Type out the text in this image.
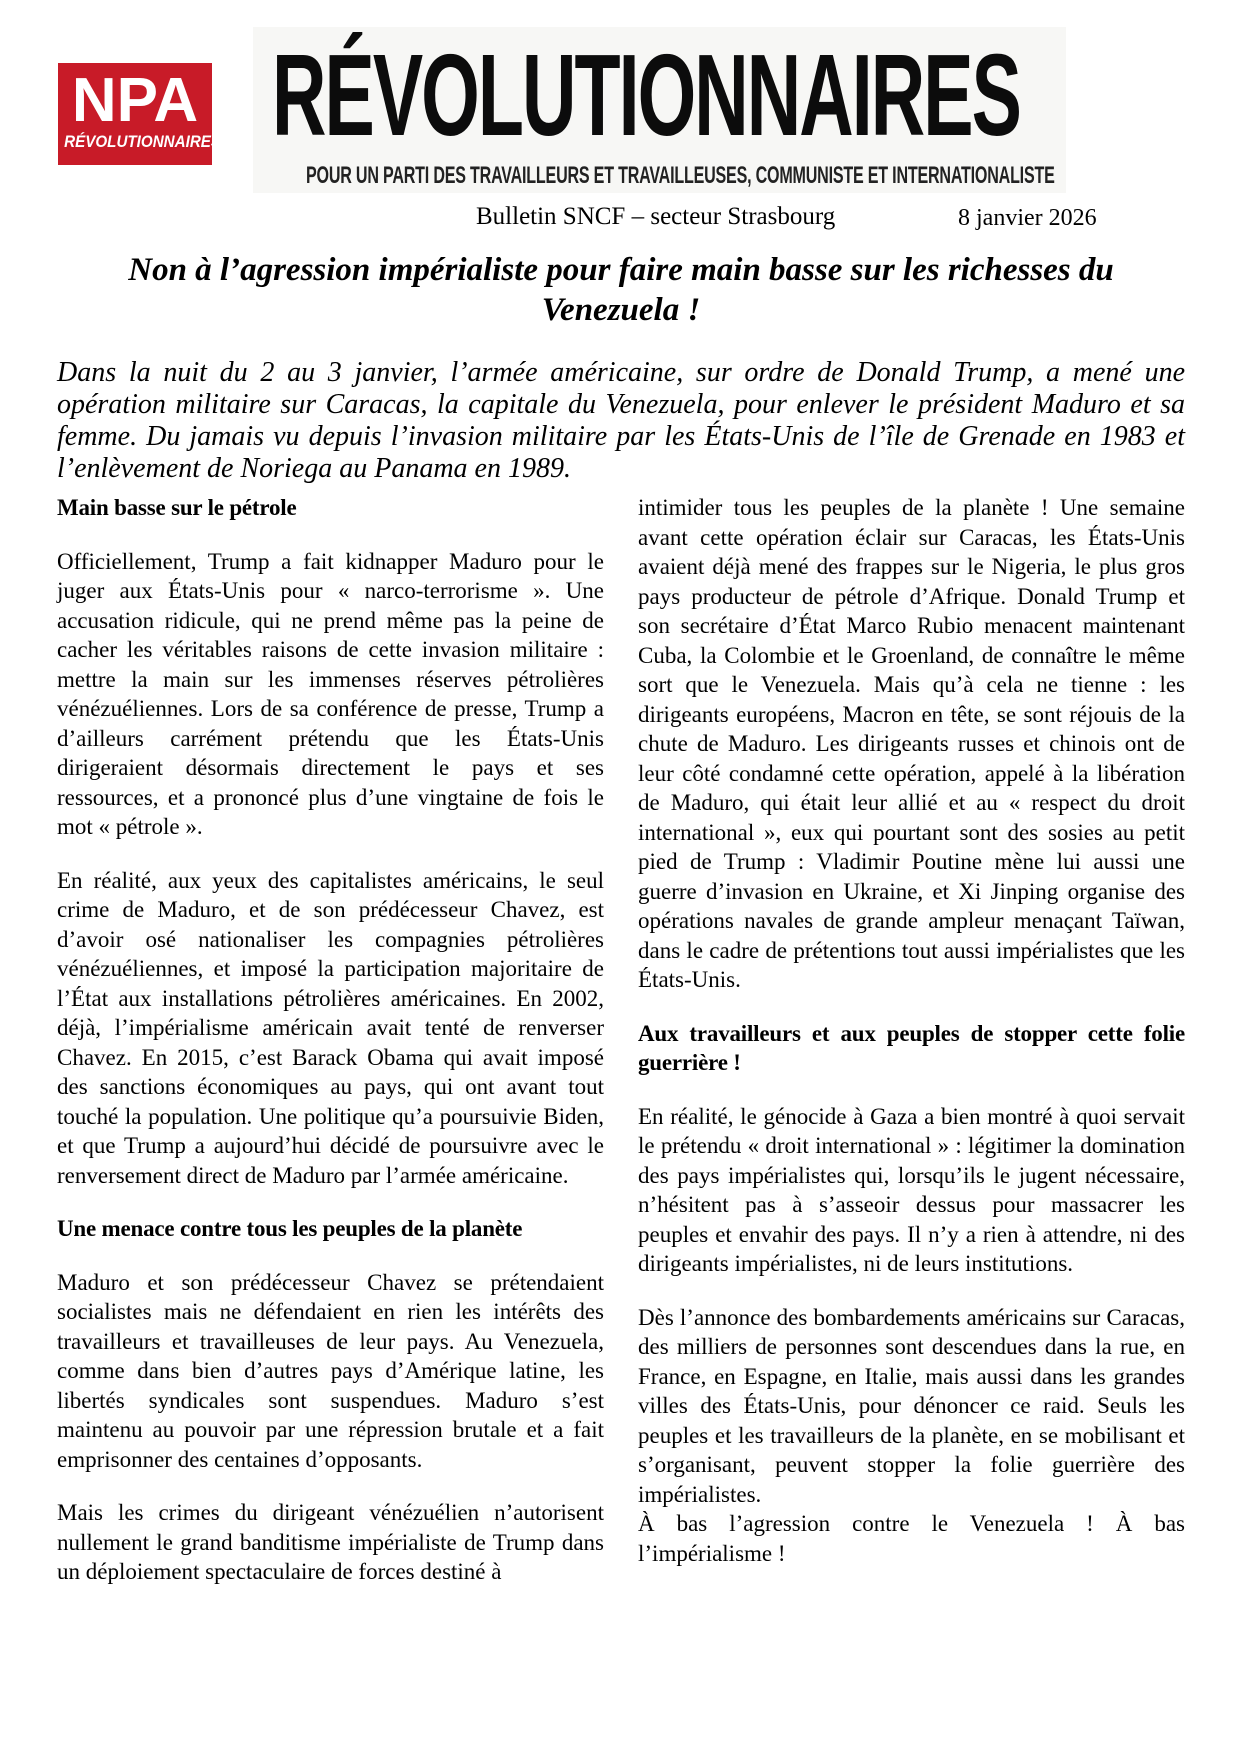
NPA
RÉVOLUTIONNAIRES RÉVOLUTIONNAIRES
POUR UN PARTI DES TRAVAILLEURS ET TRAVAILLEUSES, COMMUNISTE ET INTERNATIONALISTE
Bulletin SNCF – secteur Strasbourg	8 janvier 2026
Non à l’agression impérialiste pour faire main basse sur les richesses du Venezuela !

Dans la nuit du 2 au 3 janvier, l’armée américaine, sur ordre de Donald Trump, a mené une opération militaire sur Caracas, la capitale du Venezuela, pour enlever le président Maduro et sa femme. Du jamais vu depuis l’invasion militaire par les États-Unis de l’île de Grenade en 1983 et l’enlèvement de Noriega au Panama en 1989.

Main basse sur le pétrole

Officiellement, Trump a fait kidnapper Maduro pour le juger aux États-Unis pour « narco-terrorisme ». Une accusation ridicule, qui ne prend même pas la peine de cacher les véritables raisons de cette invasion militaire : mettre la main sur les immenses réserves pétrolières vénézuéliennes. Lors de sa conférence de presse, Trump a d’ailleurs carrément prétendu que les États-Unis dirigeraient désormais directement le pays et ses ressources, et a prononcé plus d’une vingtaine de fois le mot « pétrole ».

En réalité, aux yeux des capitalistes américains, le seul crime de Maduro, et de son prédécesseur Chavez, est d’avoir osé nationaliser les compagnies pétrolières vénézuéliennes, et imposé la participation majoritaire de l’État aux installations pétrolières américaines. En 2002, déjà, l’impérialisme américain avait tenté de renverser Chavez. En 2015, c’est Barack Obama qui avait imposé des sanctions économiques au pays, qui ont avant tout touché la population. Une politique qu’a poursuivie Biden, et que Trump a aujourd’hui décidé de poursuivre avec le renversement direct de Maduro par l’armée américaine.

Une menace contre tous les peuples de la planète

Maduro et son prédécesseur Chavez se prétendaient socialistes mais ne défendaient en rien les intérêts des travailleurs et travailleuses de leur pays. Au Venezuela, comme dans bien d’autres pays d’Amérique latine, les libertés syndicales sont suspendues. Maduro s’est maintenu au pouvoir par une répression brutale et a fait emprisonner des centaines d’opposants.

Mais les crimes du dirigeant vénézuélien n’autorisent nullement le grand banditisme impérialiste de Trump dans un déploiement spectaculaire de forces destiné à

intimider tous les peuples de la planète ! Une semaine avant cette opération éclair sur Caracas, les États-Unis avaient déjà mené des frappes sur le Nigeria, le plus gros pays producteur de pétrole d’Afrique. Donald Trump et son secrétaire d’État Marco Rubio menacent maintenant Cuba, la Colombie et le Groenland, de connaître le même sort que le Venezuela. Mais qu’à cela ne tienne : les dirigeants européens, Macron en tête, se sont réjouis de la chute de Maduro. Les dirigeants russes et chinois ont de leur côté condamné cette opération, appelé à la libération de Maduro, qui était leur allié et au « respect du droit international », eux qui pourtant sont des sosies au petit pied de Trump : Vladimir Poutine mène lui aussi une guerre d’invasion en Ukraine, et Xi Jinping organise des opérations navales de grande ampleur menaçant Taïwan, dans le cadre de prétentions tout aussi impérialistes que les États-Unis.

Aux travailleurs et aux peuples de stopper cette folie guerrière !

En réalité, le génocide à Gaza a bien montré à quoi servait le prétendu « droit international » : légitimer la domination des pays impérialistes qui, lorsqu’ils le jugent nécessaire, n’hésitent pas à s’asseoir dessus pour massacrer les peuples et envahir des pays. Il n’y a rien à attendre, ni des dirigeants impérialistes, ni de leurs institutions.

Dès l’annonce des bombardements américains sur Caracas, des milliers de personnes sont descendues dans la rue, en France, en Espagne, en Italie, mais aussi dans les grandes villes des États-Unis, pour dénoncer ce raid. Seuls les peuples et les travailleurs de la planète, en se mobilisant et s’organisant, peuvent stopper la folie guerrière des impérialistes.

À bas l’agression contre le Venezuela ! À bas l’impérialisme !
